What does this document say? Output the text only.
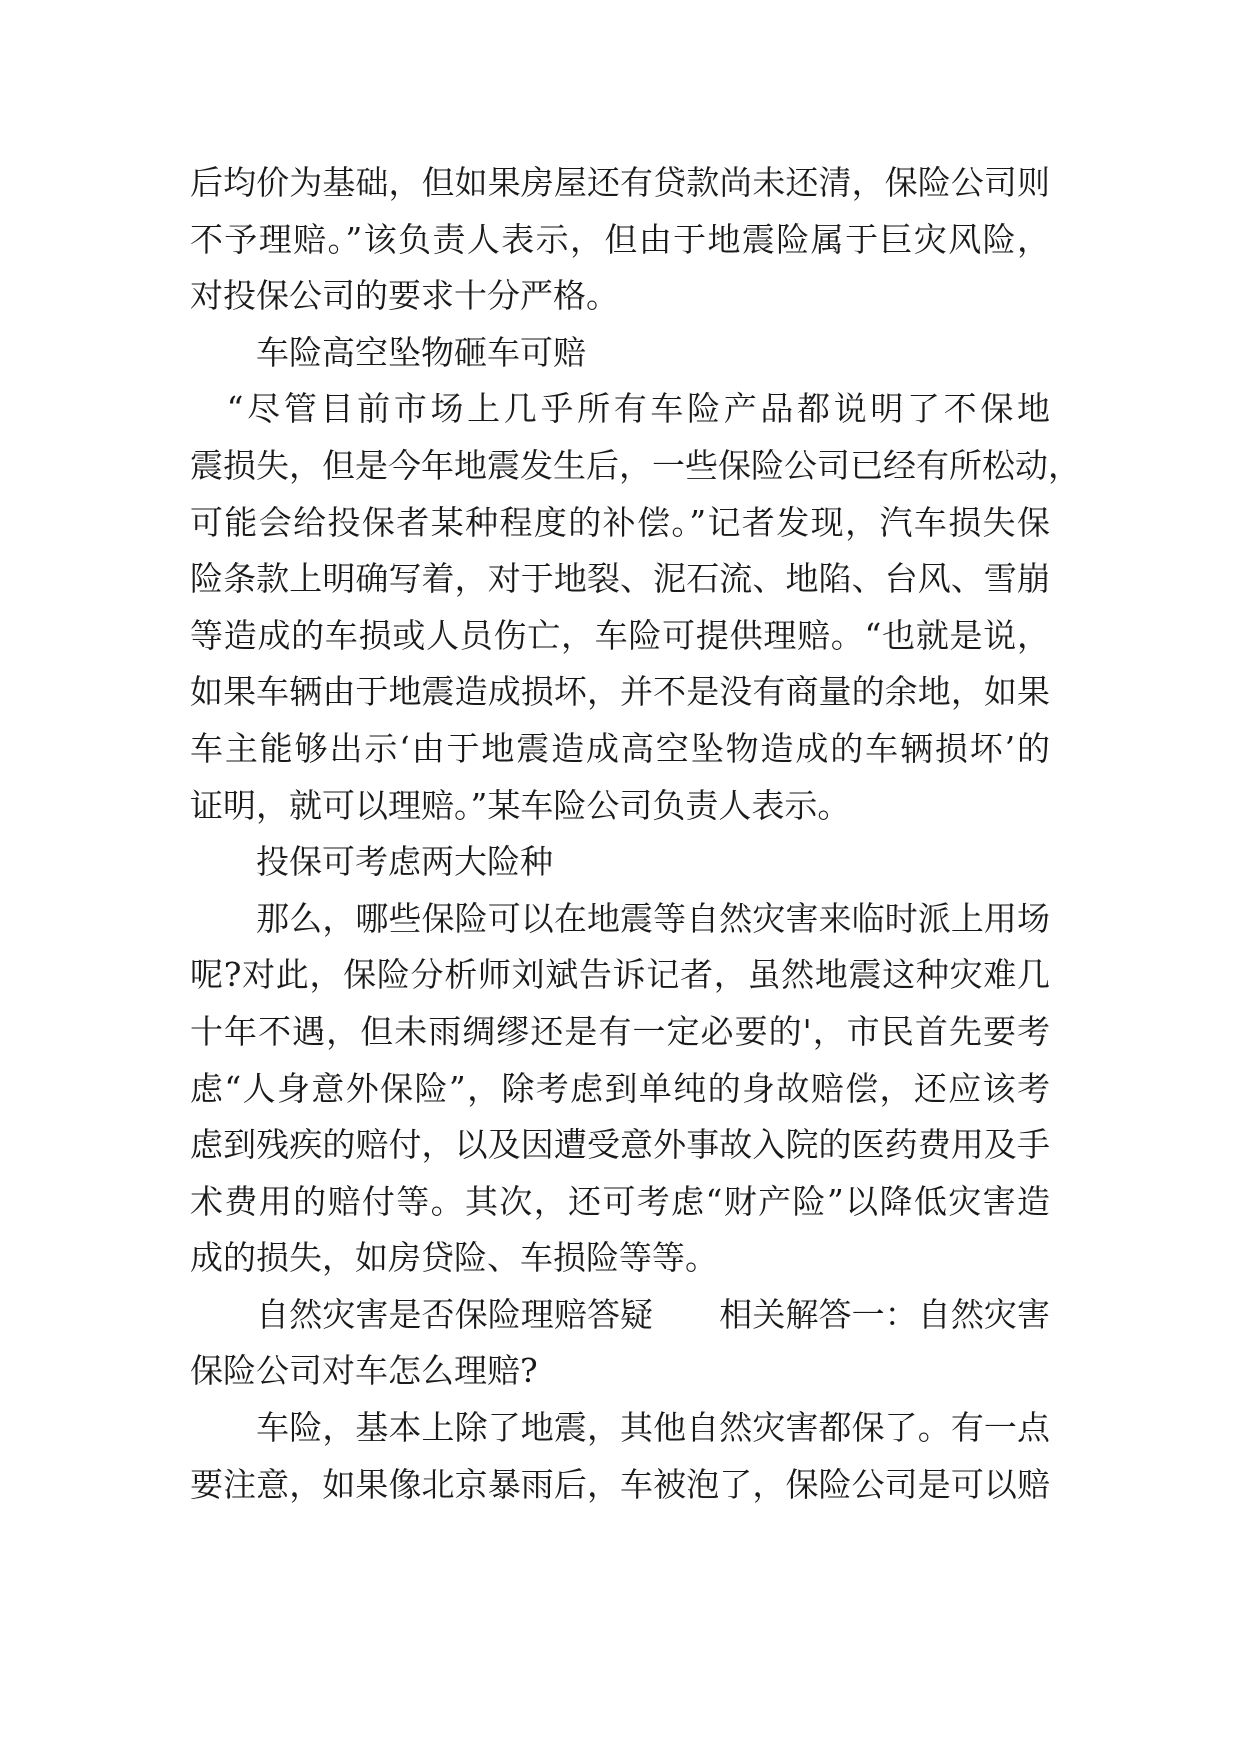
后均价为基础，但如果房屋还有贷款尚未还清，保险公司则
不予理赔。”该负责人表示，但由于地震险属于巨灾风险，
对投保公司的要求十分严格。
　　车险高空坠物砸车可赔
　“尽管目前市场上几乎所有车险产品都说明了不保地
震损失，但是今年地震发生后，一些保险公司已经有所松动，
可能会给投保者某种程度的补偿。”记者发现，汽车损失保
险条款上明确写着，对于地裂、泥石流、地陷、台风、雪崩
等造成的车损或人员伤亡，车险可提供理赔。“也就是说，
如果车辆由于地震造成损坏，并不是没有商量的余地，如果
车主能够出示‘由于地震造成高空坠物造成的车辆损坏’的
证明，就可以理赔。”某车险公司负责人表示。
　　投保可考虑两大险种
　　那么，哪些保险可以在地震等自然灾害来临时派上用场
呢?对此，保险分析师刘斌告诉记者，虽然地震这种灾难几
十年不遇，但未雨绸缪还是有一定必要的'，市民首先要考
虑“人身意外保险”，除考虑到单纯的身故赔偿，还应该考
虑到残疾的赔付，以及因遭受意外事故入院的医药费用及手
术费用的赔付等。其次，还可考虑“财产险”以降低灾害造
成的损失，如房贷险、车损险等等。
　　自然灾害是否保险理赔答疑　　相关解答一：自然灾害
保险公司对车怎么理赔?
　　车险，基本上除了地震，其他自然灾害都保了。有一点
要注意，如果像北京暴雨后，车被泡了，保险公司是可以赔
